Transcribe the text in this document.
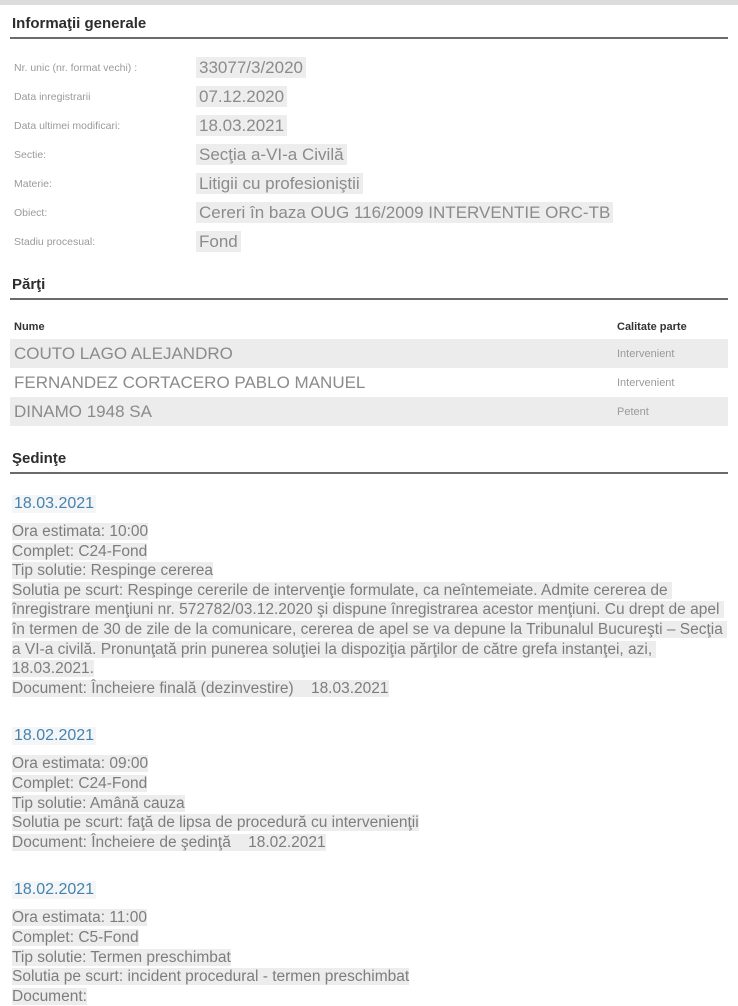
Informaţii generale
Nr. unic (nr. format vechi) :	33077/3/2020
Data inregistrarii	07.12.2020
Data ultimei modificari:	18.03.2021
Sectie:	Secţia a-VI-a Civilă
Materie:	Litigii cu profesioniştii
Obiect:	Cereri în baza OUG 116/2009 INTERVENTIE ORC-TB
Stadiu procesual:	Fond
Părţi
Nume	Calitate parte
COUTO LAGO ALEJANDRO	Intervenient
FERNANDEZ CORTACERO PABLO MANUEL	Intervenient
DINAMO 1948 SA	Petent
Şedinţe
18.03.2021
Ora estimata: 10:00
Complet: C24-Fond
Tip solutie: Respinge cererea
Solutia pe scurt: Respinge cererile de intervenţie formulate, ca neîntemeiate. Admite cererea de înregistrare menţiuni nr. 572782/03.12.2020 şi dispune înregistrarea acestor menţiuni. Cu drept de apel în termen de 30 de zile de la comunicare, cererea de apel se va depune la Tribunalul Bucureşti – Secţia a VI-a civilă. Pronunţată prin punerea soluţiei la dispoziţia părţilor de către grefa instanţei, azi, 18.03.2021.
Document: Încheiere finală (dezinvestire)    18.03.2021
18.02.2021
Ora estimata: 09:00
Complet: C24-Fond
Tip solutie: Amână cauza
Solutia pe scurt: faţă de lipsa de procedură cu intervenienţii
Document: Încheiere de şedinţă    18.02.2021
18.02.2021
Ora estimata: 11:00
Complet: C5-Fond
Tip solutie: Termen preschimbat
Solutia pe scurt: incident procedural - termen preschimbat
Document:
